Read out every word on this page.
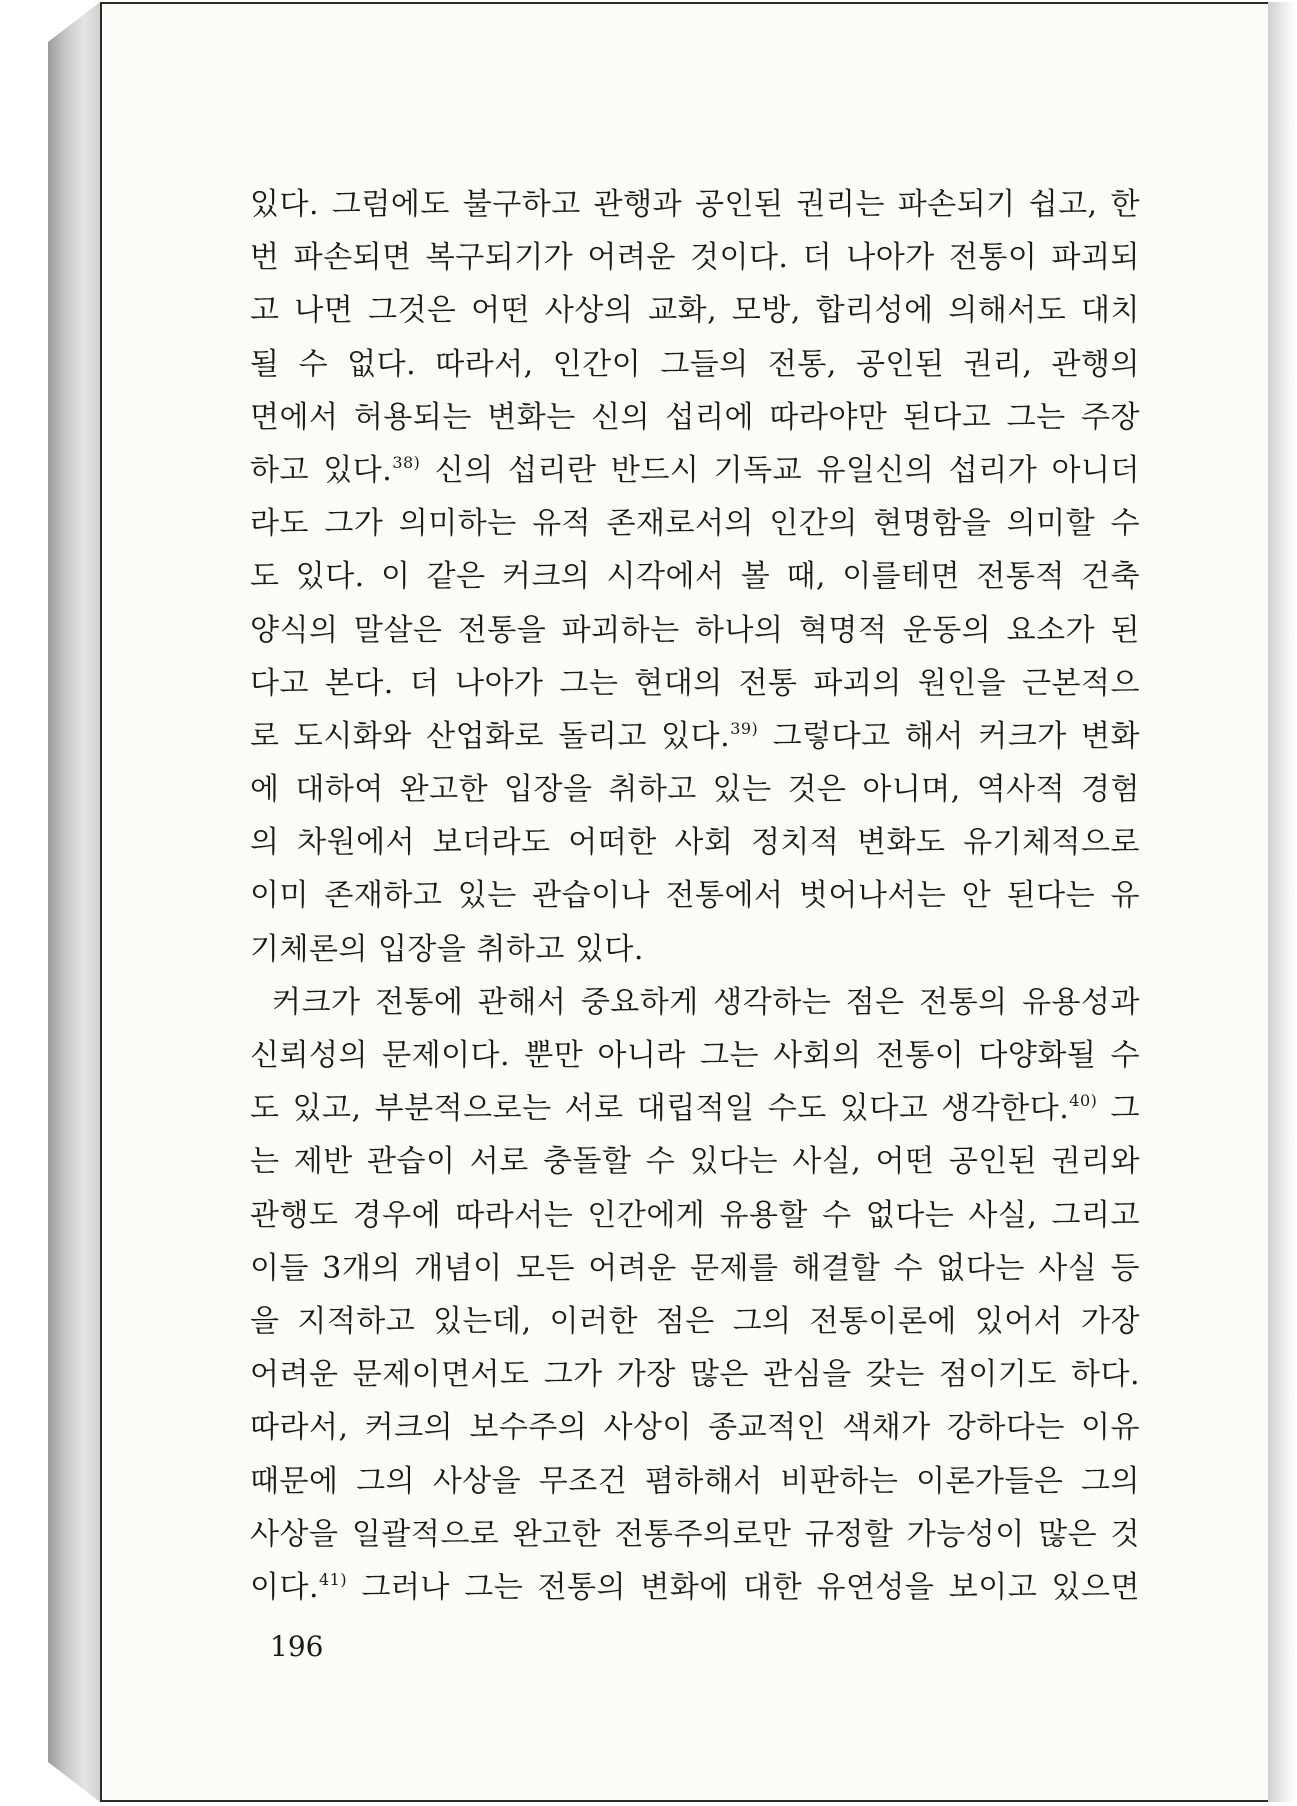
있다. 그럼에도 불구하고 관행과 공인된 권리는 파손되기 쉽고, 한
번 파손되면 복구되기가 어려운 것이다. 더 나아가 전통이 파괴되
고 나면 그것은 어떤 사상의 교화, 모방, 합리성에 의해서도 대치
될 수 없다. 따라서, 인간이 그들의 전통, 공인된 권리, 관행의
면에서 허용되는 변화는 신의 섭리에 따라야만 된다고 그는 주장
하고 있다.$^{38)}$ 신의 섭리란 반드시 기독교 유일신의 섭리가 아니더
라도 그가 의미하는 유적 존재로서의 인간의 현명함을 의미할 수
도 있다. 이 같은 커크의 시각에서 볼 때, 이를테면 전통적 건축
양식의 말살은 전통을 파괴하는 하나의 혁명적 운동의 요소가 된
다고 본다. 더 나아가 그는 현대의 전통 파괴의 원인을 근본적으
로 도시화와 산업화로 돌리고 있다.$^{39)}$ 그렇다고 해서 커크가 변화
에 대하여 완고한 입장을 취하고 있는 것은 아니며, 역사적 경험
의 차원에서 보더라도 어떠한 사회 정치적 변화도 유기체적으로
이미 존재하고 있는 관습이나 전통에서 벗어나서는 안 된다는 유
기체론의 입장을 취하고 있다.
커크가 전통에 관해서 중요하게 생각하는 점은 전통의 유용성과
신뢰성의 문제이다. 뿐만 아니라 그는 사회의 전통이 다양화될 수
도 있고, 부분적으로는 서로 대립적일 수도 있다고 생각한다.$^{40)}$ 그
는 제반 관습이 서로 충돌할 수 있다는 사실, 어떤 공인된 권리와
관행도 경우에 따라서는 인간에게 유용할 수 없다는 사실, 그리고
이들 3개의 개념이 모든 어려운 문제를 해결할 수 없다는 사실 등
을 지적하고 있는데, 이러한 점은 그의 전통이론에 있어서 가장
어려운 문제이면서도 그가 가장 많은 관심을 갖는 점이기도 하다.
따라서, 커크의 보수주의 사상이 종교적인 색채가 강하다는 이유
때문에 그의 사상을 무조건 폄하해서 비판하는 이론가들은 그의
사상을 일괄적으로 완고한 전통주의로만 규정할 가능성이 많은 것
이다.$^{41)}$ 그러나 그는 전통의 변화에 대한 유연성을 보이고 있으면
196
